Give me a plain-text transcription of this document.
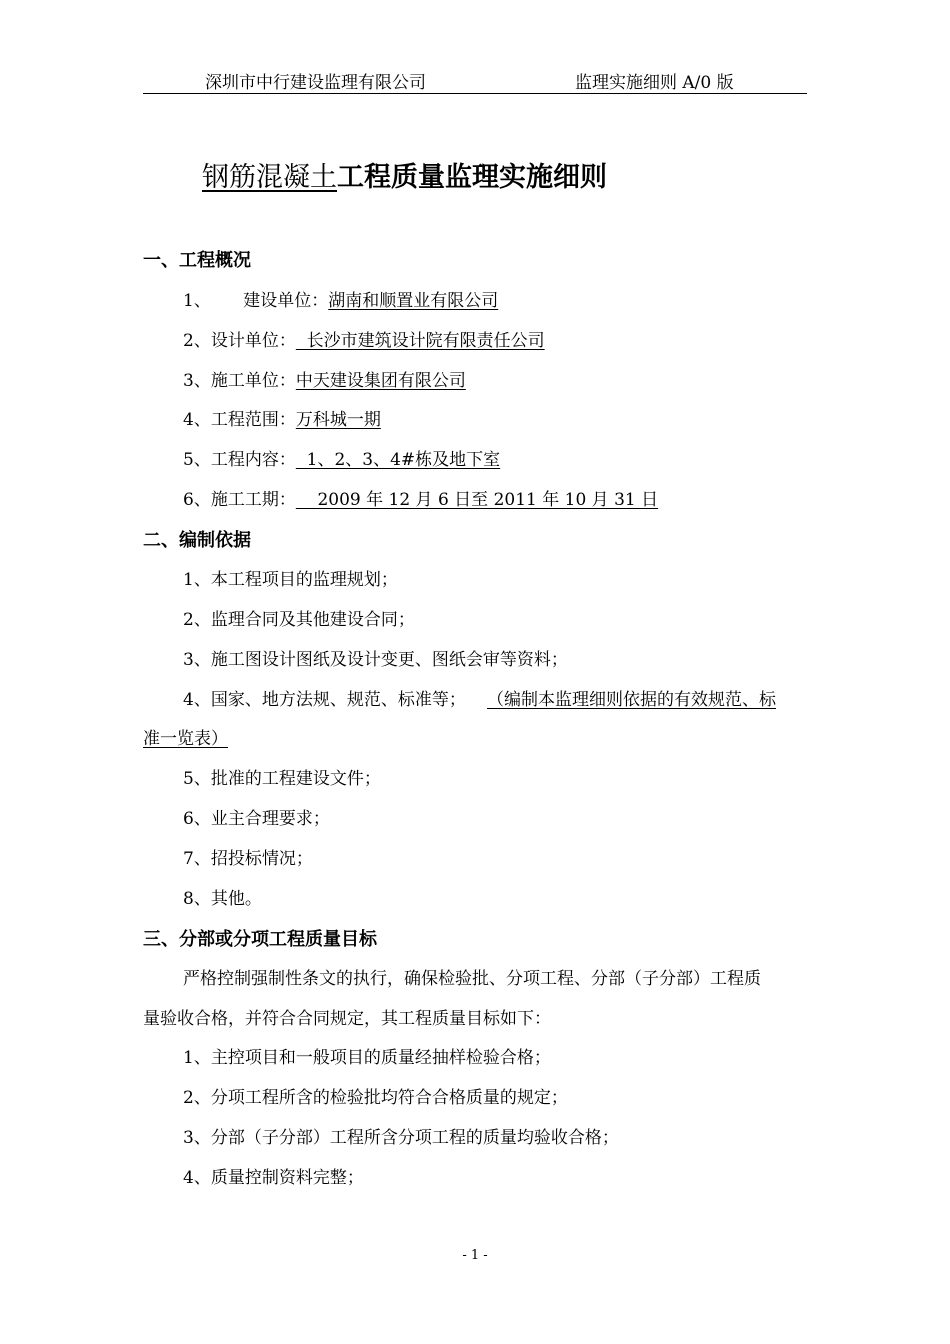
深圳市中行建设监理有限公司	监理实施细则 A/0 版
钢筋混凝土工程质量监理实施细则
一、工程概况
1、      建设单位：湖南和顺置业有限公司
2、设计单位：  长沙市建筑设计院有限责任公司
3、施工单位：中天建设集团有限公司
4、工程范围：万科城一期
5、工程内容：  1、2、3、4#栋及地下室
6、施工工期：    2009 年 12 月 6 日至 2011 年 10 月 31 日
二、编制依据
1、本工程项目的监理规划；
2、监理合同及其他建设合同；
3、施工图设计图纸及设计变更、图纸会审等资料；
4、国家、地方法规、规范、标准等； （编制本监理细则依据的有效规范、标
准一览表）
5、批准的工程建设文件；
6、业主合理要求；
7、招投标情况；
8、其他。
三、分部或分项工程质量目标
严格控制强制性条文的执行，确保检验批、分项工程、分部（子分部）工程质
量验收合格，并符合合同规定，其工程质量目标如下：
1、主控项目和一般项目的质量经抽样检验合格；
2、分项工程所含的检验批均符合合格质量的规定；
3、分部（子分部）工程所含分项工程的质量均验收合格；
4、质量控制资料完整；
- 1 -
